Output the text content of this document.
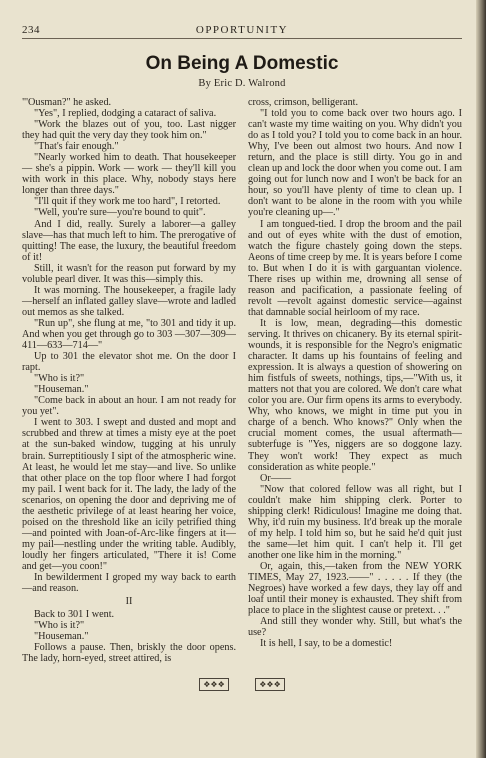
234	OPPORTUNITY
On Being A Domestic
By Eric D. Walrond

"'Ousman?" he asked.

"Yes", I replied, dodging a cataract of saliva.

"Work the blazes out of you, too. Last nigger they had quit the very day they took him on."

"That's fair enough."

"Nearly worked him to death. That housekeeper — she's a pippin. Work — work — they'll kill you with work in this place. Why, nobody stays here longer than three days."

"I'll quit if they work me too hard", I retorted.

"Well, you're sure—you're bound to quit".

And I did, really. Surely a laborer—a galley slave—has that much left to him. The prerogative of quitting! The ease, the luxury, the beautiful freedom of it!

Still, it wasn't for the reason put forward by my voluble pearl diver. It was this—simply this.

It was morning. The housekeeper, a fragile lady—herself an inflated galley slave—wrote and ladled out memos as she talked.

"Run up", she flung at me, "to 301 and tidy it up. And when you get through go to 303 —307—309—411—633—714—"

Up to 301 the elevator shot me. On the door I rapt.

"Who is it?"

"Houseman."

"Come back in about an hour. I am not ready for you yet".

I went to 303. I swept and dusted and mopt and scrubbed and threw at times a misty eye at the poet at the sun-baked window, tugging at his unruly brain. Surreptitiously I sipt of the atmospheric wine. At least, he would let me stay—and live. So unlike that other place on the top floor where I had forgot my pail. I went back for it. The lady, the lady of the scenarios, on opening the door and depriving me of the aesthetic privilege of at least hearing her voice, poised on the threshold like an icily petrified thing—and pointed with Joan-of-Arc-like fingers at it—my pail—nestling under the writing table. Audibly, loudly her fingers articulated, "There it is! Come and get—you coon!"

In bewilderment I groped my way back to earth—and reason.

II

Back to 301 I went.

"Who is it?"

"Houseman."

Follows a pause. Then, briskly the door opens. The lady, horn-eyed, street attired, is

cross, crimson, belligerant.

"I told you to come back over two hours ago. I can't waste my time waiting on you. Why didn't you do as I told you? I told you to come back in an hour. Why, I've been out almost two hours. And now I return, and the place is still dirty. You go in and clean up and lock the door when you come out. I am going out for lunch now and I won't be back for an hour, so you'll have plenty of time to clean up. I don't want to be alone in the room with you while you're cleaning up—."

I am tongued-tied. I drop the broom and the pail and out of eyes white with the dust of emotion, watch the figure chastely going down the steps. Aeons of time creep by me. It is years before I come to. But when I do it is with garguantan violence. There rises up within me, drowning all sense of reason and pacification, a passionate feeling of revolt —revolt against domestic service—against that damnable social heirloom of my race.

It is low, mean, degrading—this domestic serving. It thrives on chicanery. By its eternal spirit-wounds, it is responsible for the Negro's enigmatic character. It dams up his fountains of feeling and expression. It is always a question of showering on him fistfuls of sweets, nothings, tips,—"With us, it matters not that you are colored. We don't care what color you are. Our firm opens its arms to everybody. Why, who knows, we might in time put you in charge of a bench. Who knows?" Only when the crucial moment comes, the usual aftermath—subterfuge is "Yes, niggers are so doggone lazy. They won't work! They expect as much consideration as white people."

Or——

"Now that colored fellow was all right, but I couldn't make him shipping clerk. Porter to shipping clerk! Ridiculous! Imagine me doing that. Why, it'd ruin my business. It'd break up the morale of my help. I told him so, but he said he'd quit just the same—let him quit. I can't help it. I'll get another one like him in the morning."

Or, again, this,—taken from the NEW YORK TIMES, May 27, 1923.——" . . . . . If they (the Negroes) have worked a few days, they lay off and loaf until their money is exhausted. They shift from place to place in the slightest cause or pretext. . ."

And still they wonder why. Still, but what's the use?

It is hell, I say, to be a domestic!

❖❖❖	❖❖❖
